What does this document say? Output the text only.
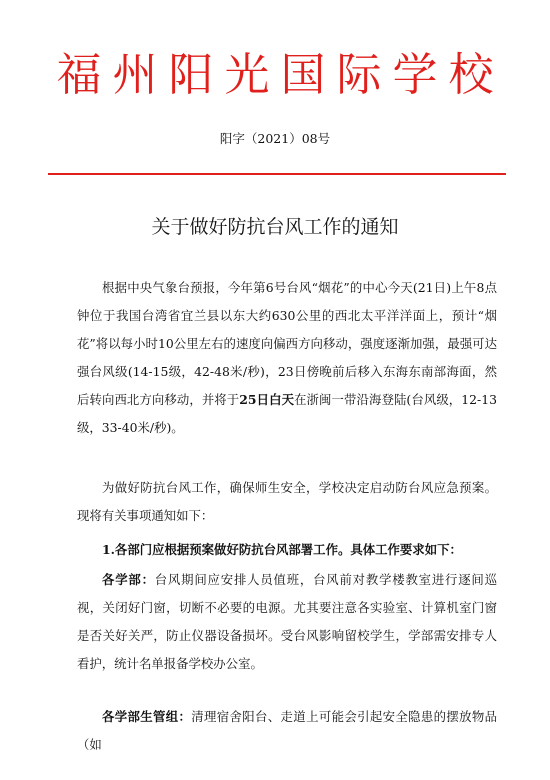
福州阳光国际学校
阳字（2021）08号
关于做好防抗台风工作的通知

根据中央气象台预报，今年第6号台风“烟花”的中心今天(21日)上午8点钟位于我国台湾省宜兰县以东大约630公里的西北太平洋洋面上，预计“烟花”将以每小时10公里左右的速度向偏西方向移动，强度逐渐加强，最强可达强台风级(14-15级，42-48米/秒)，23日傍晚前后移入东海东南部海面，然后转向西北方向移动，并将于25日白天在浙闽一带沿海登陆(台风级，12-13级，33-40米/秒)。

为做好防抗台风工作，确保师生安全，学校决定启动防台风应急预案。现将有关事项通知如下：

1.各部门应根据预案做好防抗台风部署工作。具体工作要求如下：

各学部：台风期间应安排人员值班，台风前对教学楼教室进行逐间巡视，关闭好门窗，切断不必要的电源。尤其要注意各实验室、计算机室门窗是否关好关严，防止仪器设备损坏。受台风影响留校学生，学部需安排专人看护，统计名单报备学校办公室。

各学部生管组：清理宿舍阳台、走道上可能会引起安全隐患的摆放物品（如
